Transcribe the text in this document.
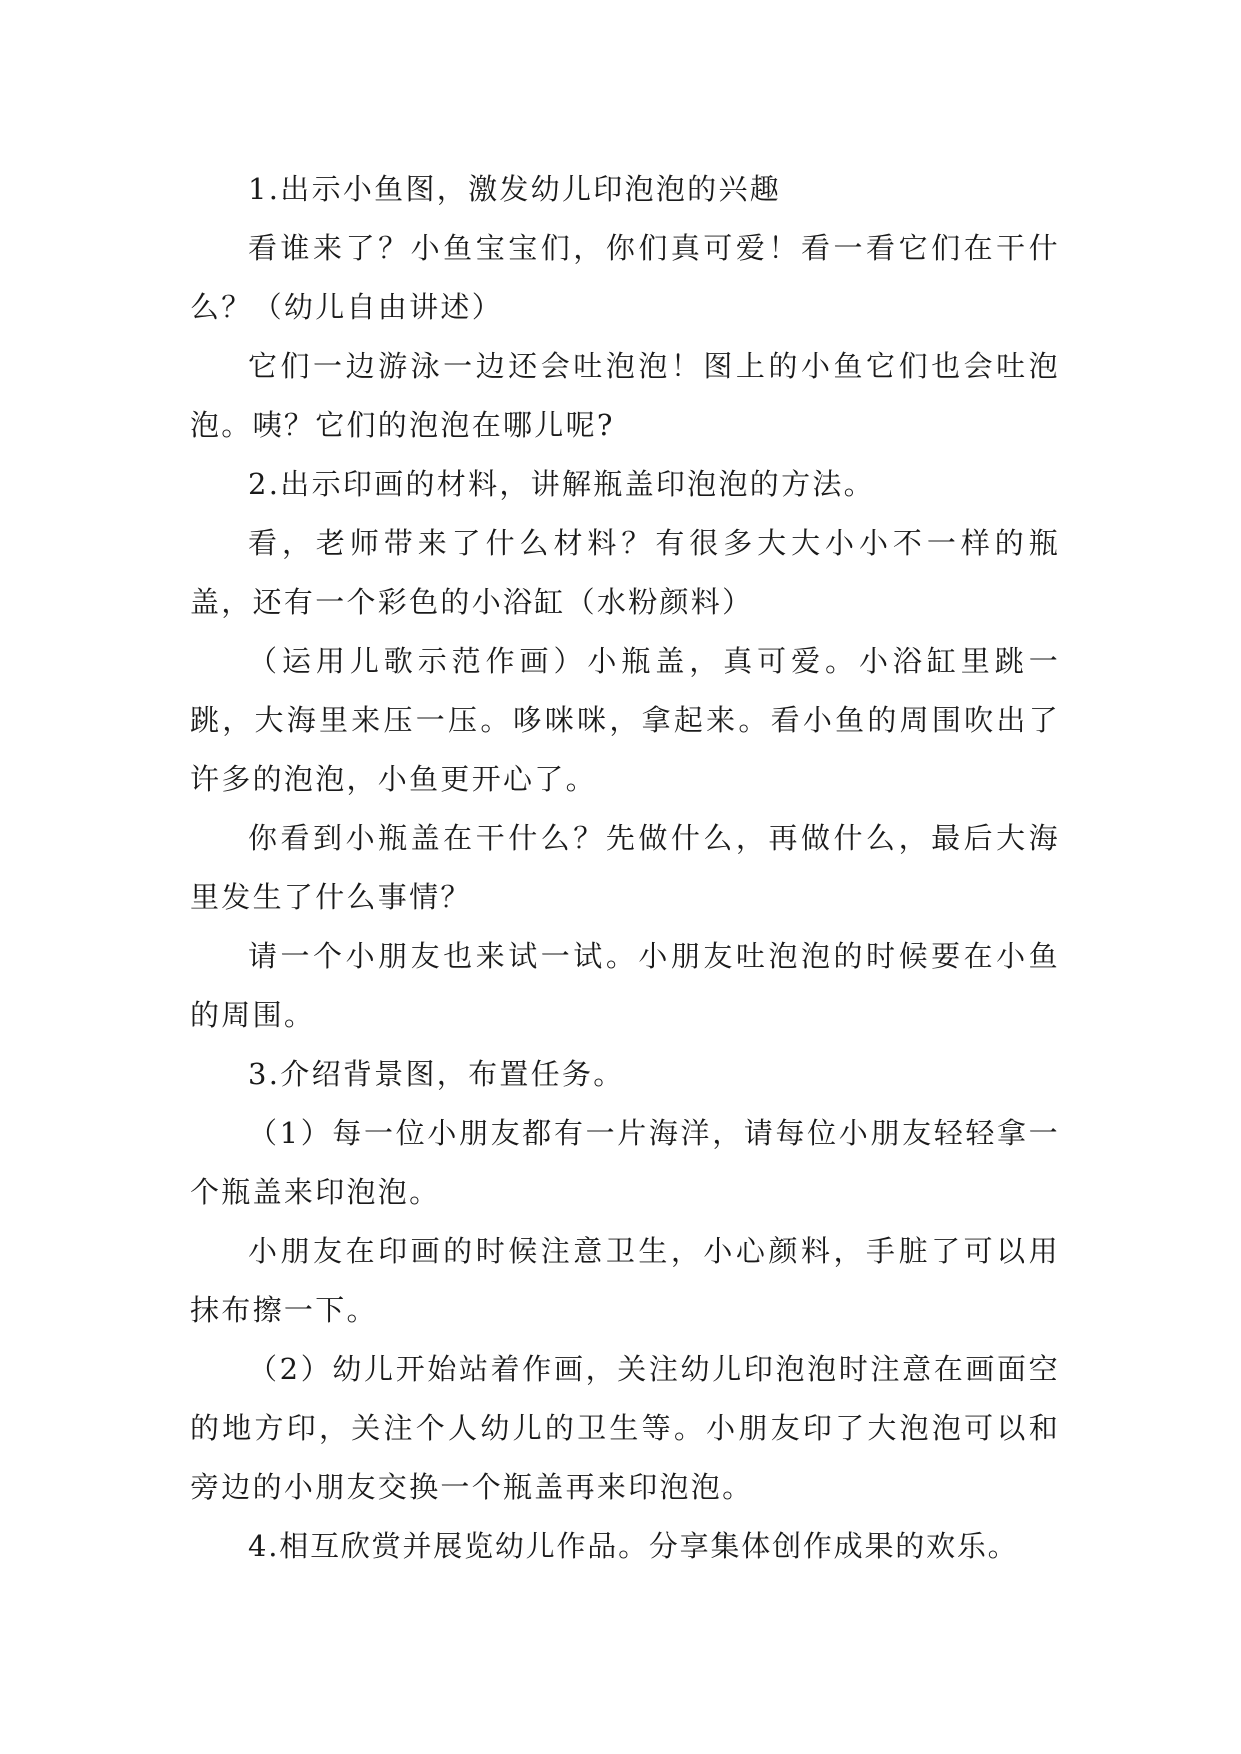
1.出示小鱼图，激发幼儿印泡泡的兴趣

看谁来了？小鱼宝宝们，你们真可爱！看一看它们在干什么？（幼儿自由讲述）

它们一边游泳一边还会吐泡泡！图上的小鱼它们也会吐泡泡。咦？它们的泡泡在哪儿呢?

2.出示印画的材料，讲解瓶盖印泡泡的方法。

看，老师带来了什么材料？有很多大大小小不一样的瓶盖，还有一个彩色的小浴缸（水粉颜料）

（运用儿歌示范作画）小瓶盖，真可爱。小浴缸里跳一跳，大海里来压一压。哆咪咪，拿起来。看小鱼的周围吹出了许多的泡泡，小鱼更开心了。

你看到小瓶盖在干什么？先做什么，再做什么，最后大海里发生了什么事情？

请一个小朋友也来试一试。小朋友吐泡泡的时候要在小鱼的周围。

3.介绍背景图，布置任务。

（1）每一位小朋友都有一片海洋，请每位小朋友轻轻拿一个瓶盖来印泡泡。

小朋友在印画的时候注意卫生，小心颜料，手脏了可以用抹布擦一下。

（2）幼儿开始站着作画，关注幼儿印泡泡时注意在画面空的地方印，关注个人幼儿的卫生等。小朋友印了大泡泡可以和旁边的小朋友交换一个瓶盖再来印泡泡。

4.相互欣赏并展览幼儿作品。分享集体创作成果的欢乐。
